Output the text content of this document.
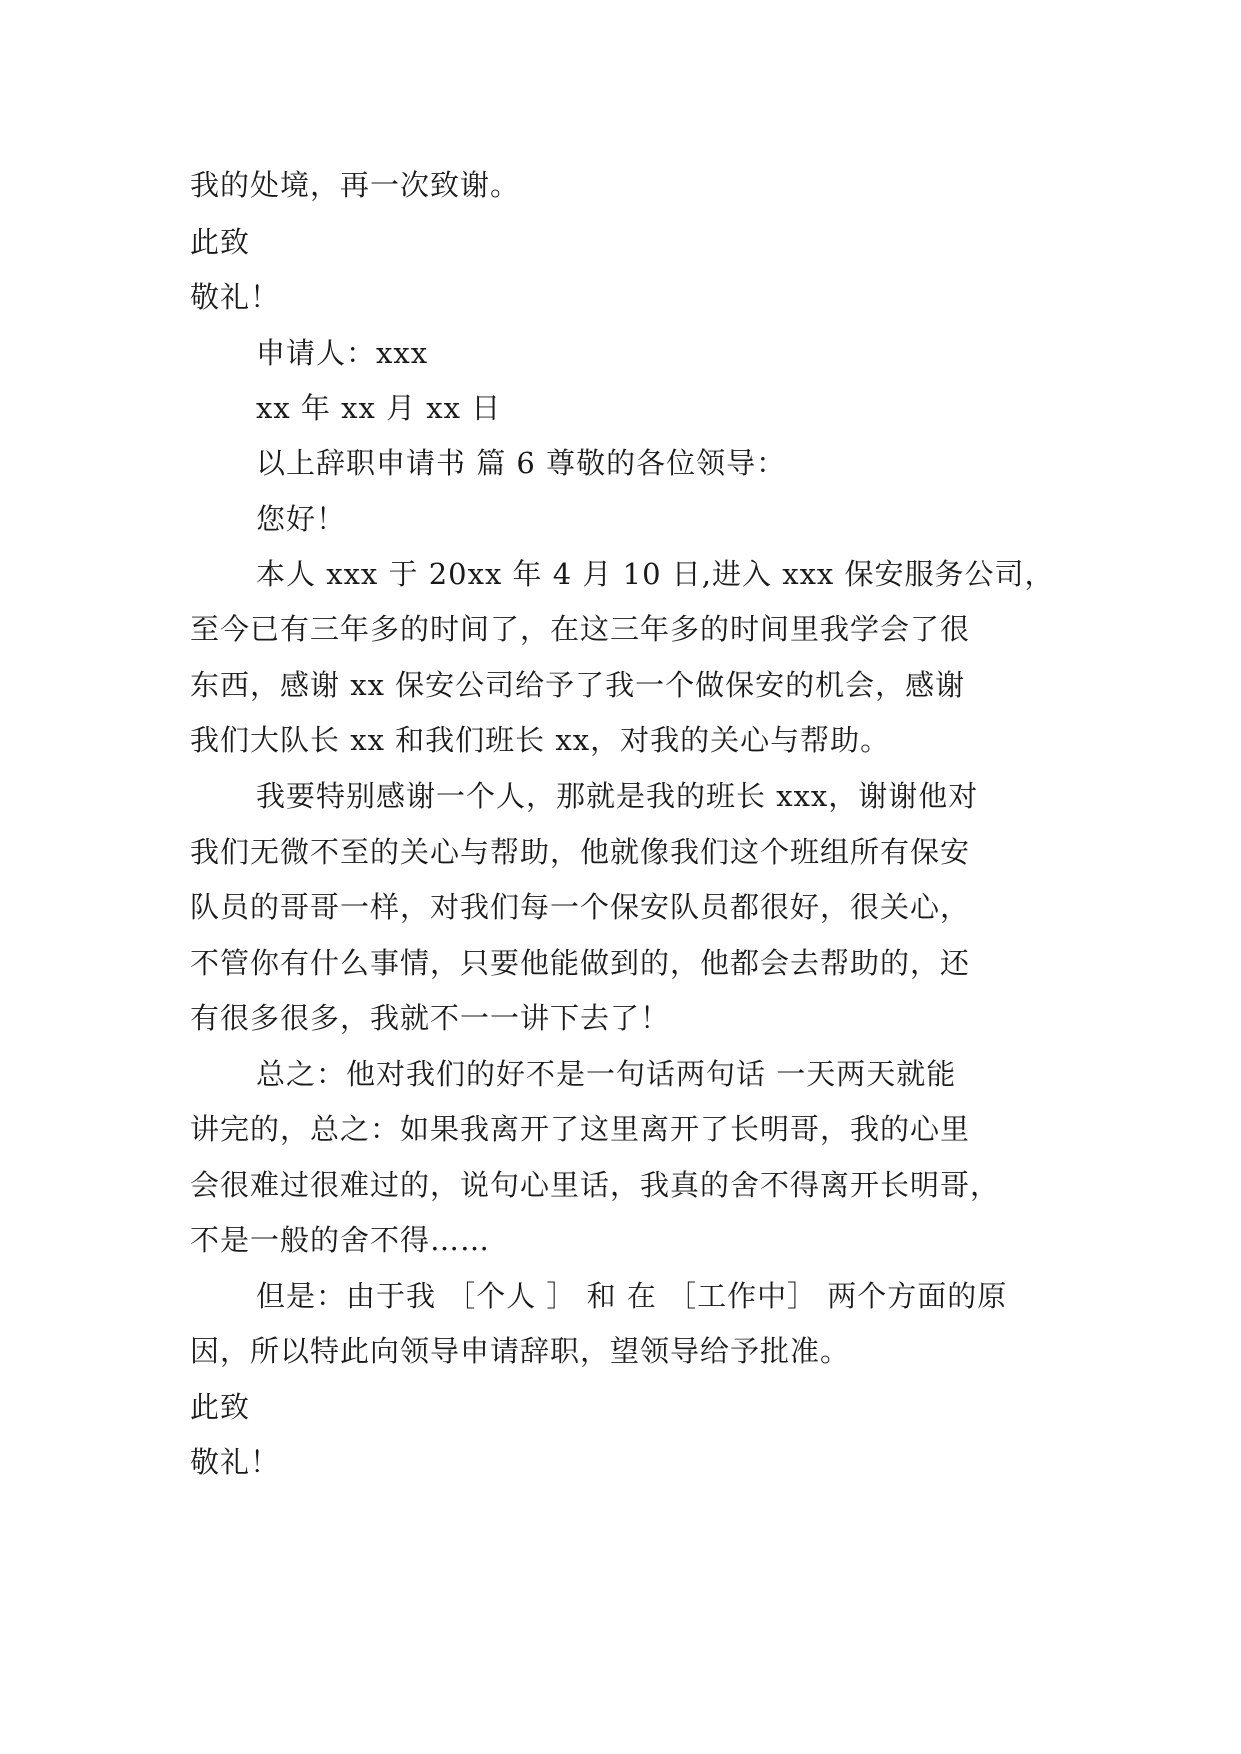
我的处境，再一次致谢。
此致
敬礼！
申请人：xxx
xx 年 xx 月 xx 日
以上辞职申请书 篇 6 尊敬的各位领导：
您好！
本人 xxx 于 20xx 年 4 月 10 日,进入 xxx 保安服务公司，
至今已有三年多的时间了，在这三年多的时间里我学会了很
东西，感谢 xx 保安公司给予了我一个做保安的机会，感谢
我们大队长 xx 和我们班长 xx，对我的关心与帮助。
我要特别感谢一个人，那就是我的班长 xxx，谢谢他对
我们无微不至的关心与帮助，他就像我们这个班组所有保安
队员的哥哥一样，对我们每一个保安队员都很好，很关心，
不管你有什么事情，只要他能做到的，他都会去帮助的，还
有很多很多，我就不一一讲下去了！
总之：他对我们的好不是一句话两句话 一天两天就能
讲完的，总之：如果我离开了这里离开了长明哥，我的心里
会很难过很难过的，说句心里话，我真的舍不得离开长明哥，
不是一般的舍不得……
但是：由于我 ［个人 ］ 和 在 ［工作中］ 两个方面的原
因，所以特此向领导申请辞职，望领导给予批准。
此致
敬礼！
